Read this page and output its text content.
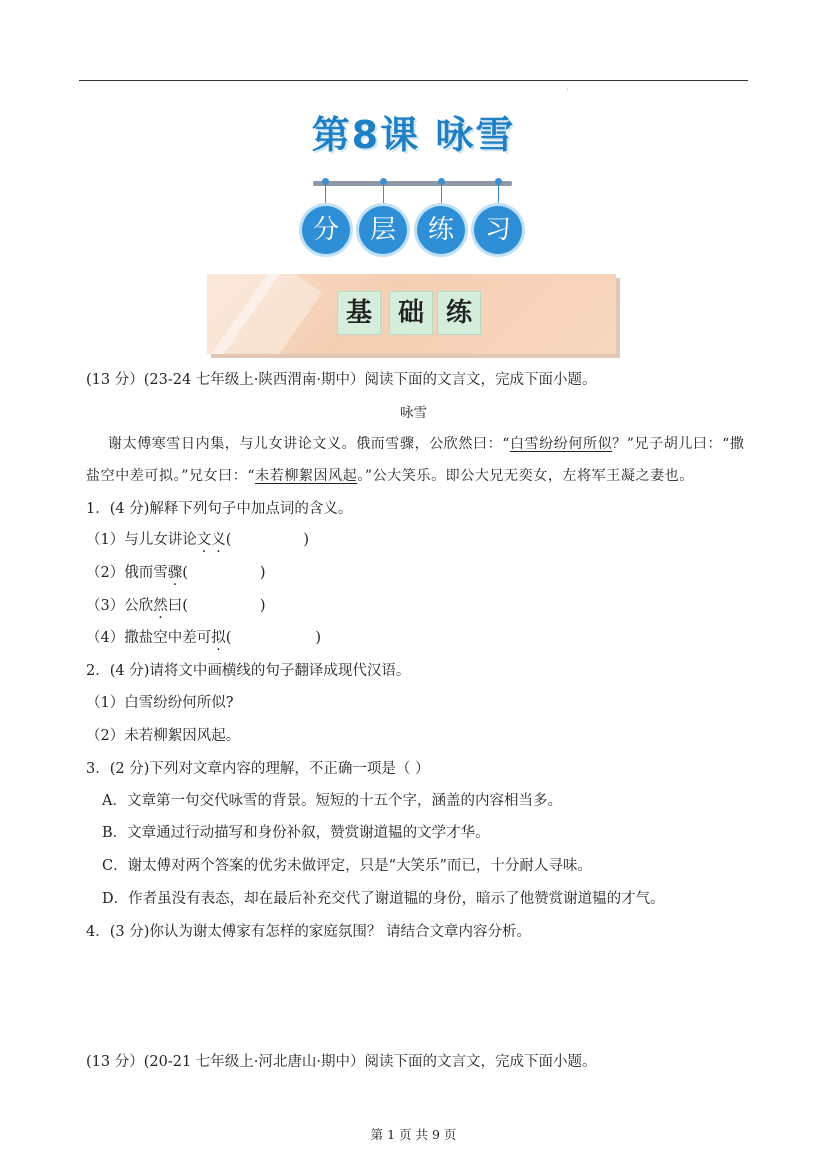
`
第8课 咏雪
分	层	练	习
基 础 练
(13 分）(23-24 七年级上·陕西渭南·期中）阅读下面的文言文，完成下面小题。
咏雪
谢太傅寒雪日内集，与儿女讲论文义。俄而雪骤，公欣然曰：“白雪纷纷何所似？”兄子胡儿曰：“撒
盐空中差可拟。”兄女曰：“未若柳絮因风起。”公大笑乐。即公大兄无奕女，左将军王凝之妻也。
1．(4 分)解释下列句子中加点词的含义。
（1）与儿女讲论文义(	)
（2）俄而雪骤(	)
（3）公欣然曰(	)
（4）撒盐空中差可拟(	)
2．(4 分)请将文中画横线的句子翻译成现代汉语。
（1）白雪纷纷何所似?
（2）未若柳絮因风起。
3．(2 分)下列对文章内容的理解，不正确一项是（ ）
A．文章第一句交代咏雪的背景。短短的十五个字，涵盖的内容相当多。
B．文章通过行动描写和身份补叙，赞赏谢道韫的文学才华。
C．谢太傅对两个答案的优劣未做评定，只是“大笑乐”而已，十分耐人寻味。
D．作者虽没有表态，却在最后补充交代了谢道韫的身份，暗示了他赞赏谢道韫的才气。
4．(3 分)你认为谢太傅家有怎样的家庭氛围？ 请结合文章内容分析。
(13 分）(20-21 七年级上·河北唐山·期中）阅读下面的文言文，完成下面小题。
第 1 页 共 9 页
